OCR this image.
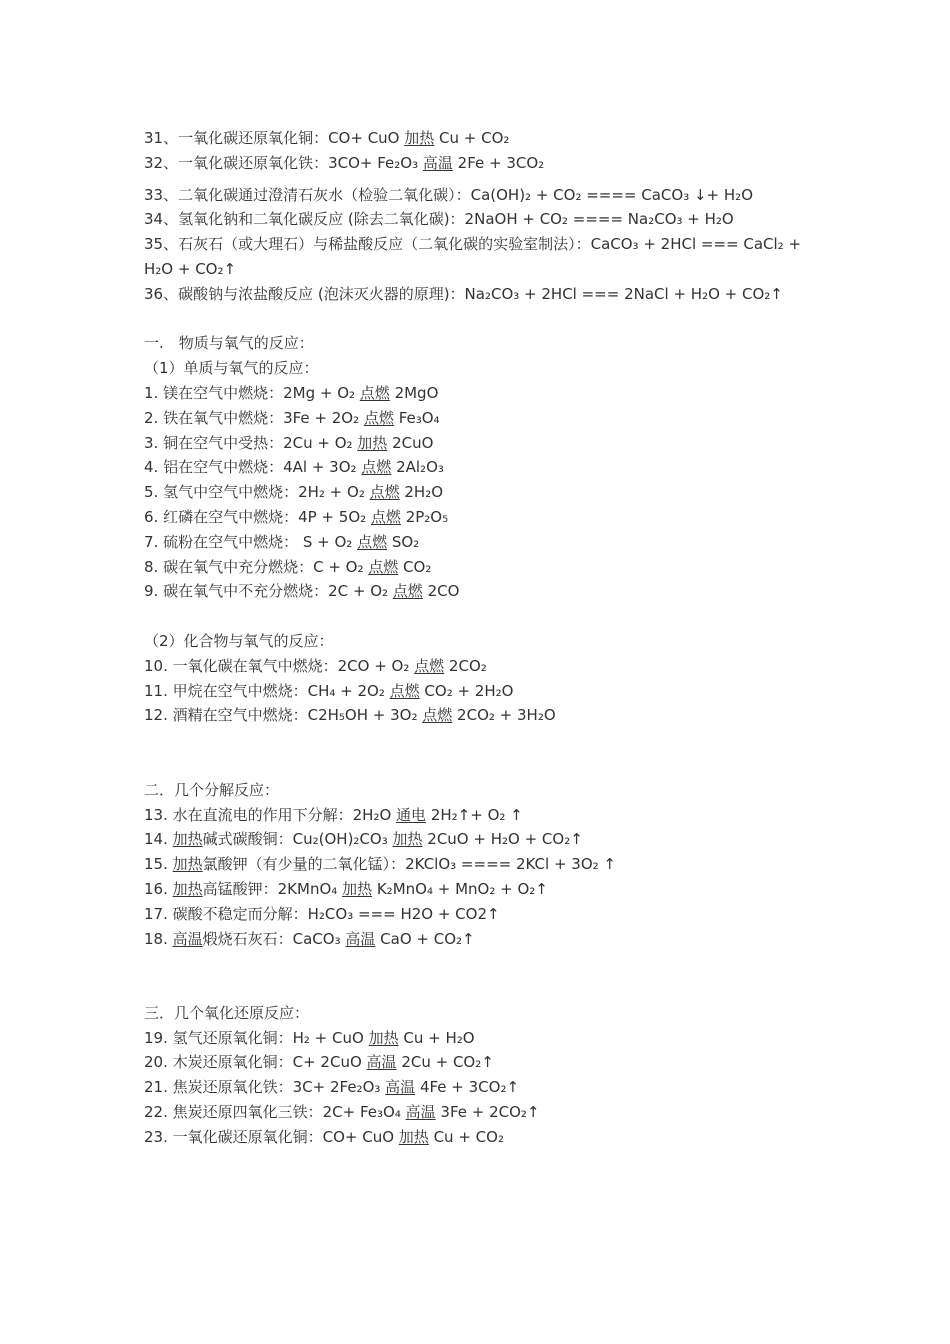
31、一氧化碳还原氧化铜：CO+ CuO 加热 Cu + CO₂
32、一氧化碳还原氧化铁：3CO+ Fe₂O₃ 高温 2Fe + 3CO₂
33、二氧化碳通过澄清石灰水（检验二氧化碳）：Ca(OH)₂ + CO₂ ==== CaCO₃ ↓+ H₂O
34、氢氧化钠和二氧化碳反应 (除去二氧化碳)：2NaOH + CO₂ ==== Na₂CO₃ + H₂O
35、石灰石（或大理石）与稀盐酸反应（二氧化碳的实验室制法）：CaCO₃ + 2HCl === CaCl₂ + H₂O + CO₂↑
36、碳酸钠与浓盐酸反应 (泡沫灭火器的原理)：Na₂CO₃ + 2HCl === 2NaCl + H₂O + CO₂↑
一.　物质与氧气的反应：
（1）单质与氧气的反应：
1. 镁在空气中燃烧：2Mg + O₂ 点燃 2MgO
2. 铁在氧气中燃烧：3Fe + 2O₂ 点燃 Fe₃O₄
3. 铜在空气中受热：2Cu + O₂ 加热 2CuO
4. 铝在空气中燃烧：4Al + 3O₂ 点燃 2Al₂O₃
5. 氢气中空气中燃烧：2H₂ + O₂ 点燃 2H₂O
6. 红磷在空气中燃烧：4P + 5O₂ 点燃 2P₂O₅
7. 硫粉在空气中燃烧： S + O₂ 点燃 SO₂
8. 碳在氧气中充分燃烧：C + O₂ 点燃 CO₂
9. 碳在氧气中不充分燃烧：2C + O₂ 点燃 2CO
（2）化合物与氧气的反应：
10. 一氧化碳在氧气中燃烧：2CO + O₂ 点燃 2CO₂
11. 甲烷在空气中燃烧：CH₄ + 2O₂ 点燃 CO₂ + 2H₂O
12. 酒精在空气中燃烧：C2H₅OH + 3O₂ 点燃 2CO₂ + 3H₂O
二．几个分解反应：
13. 水在直流电的作用下分解：2H₂O 通电 2H₂↑+ O₂ ↑
14. 加热碱式碳酸铜：Cu₂(OH)₂CO₃ 加热 2CuO + H₂O + CO₂↑
15. 加热氯酸钾（有少量的二氧化锰）：2KClO₃ ==== 2KCl + 3O₂ ↑
16. 加热高锰酸钾：2KMnO₄ 加热 K₂MnO₄ + MnO₂ + O₂↑
17. 碳酸不稳定而分解：H₂CO₃ === H2O + CO2↑
18. 高温煅烧石灰石：CaCO₃ 高温 CaO + CO₂↑
三．几个氧化还原反应：
19. 氢气还原氧化铜：H₂ + CuO 加热 Cu + H₂O
20. 木炭还原氧化铜：C+ 2CuO 高温 2Cu + CO₂↑
21. 焦炭还原氧化铁：3C+ 2Fe₂O₃ 高温 4Fe + 3CO₂↑
22. 焦炭还原四氧化三铁：2C+ Fe₃O₄ 高温 3Fe + 2CO₂↑
23. 一氧化碳还原氧化铜：CO+ CuO 加热 Cu + CO₂
